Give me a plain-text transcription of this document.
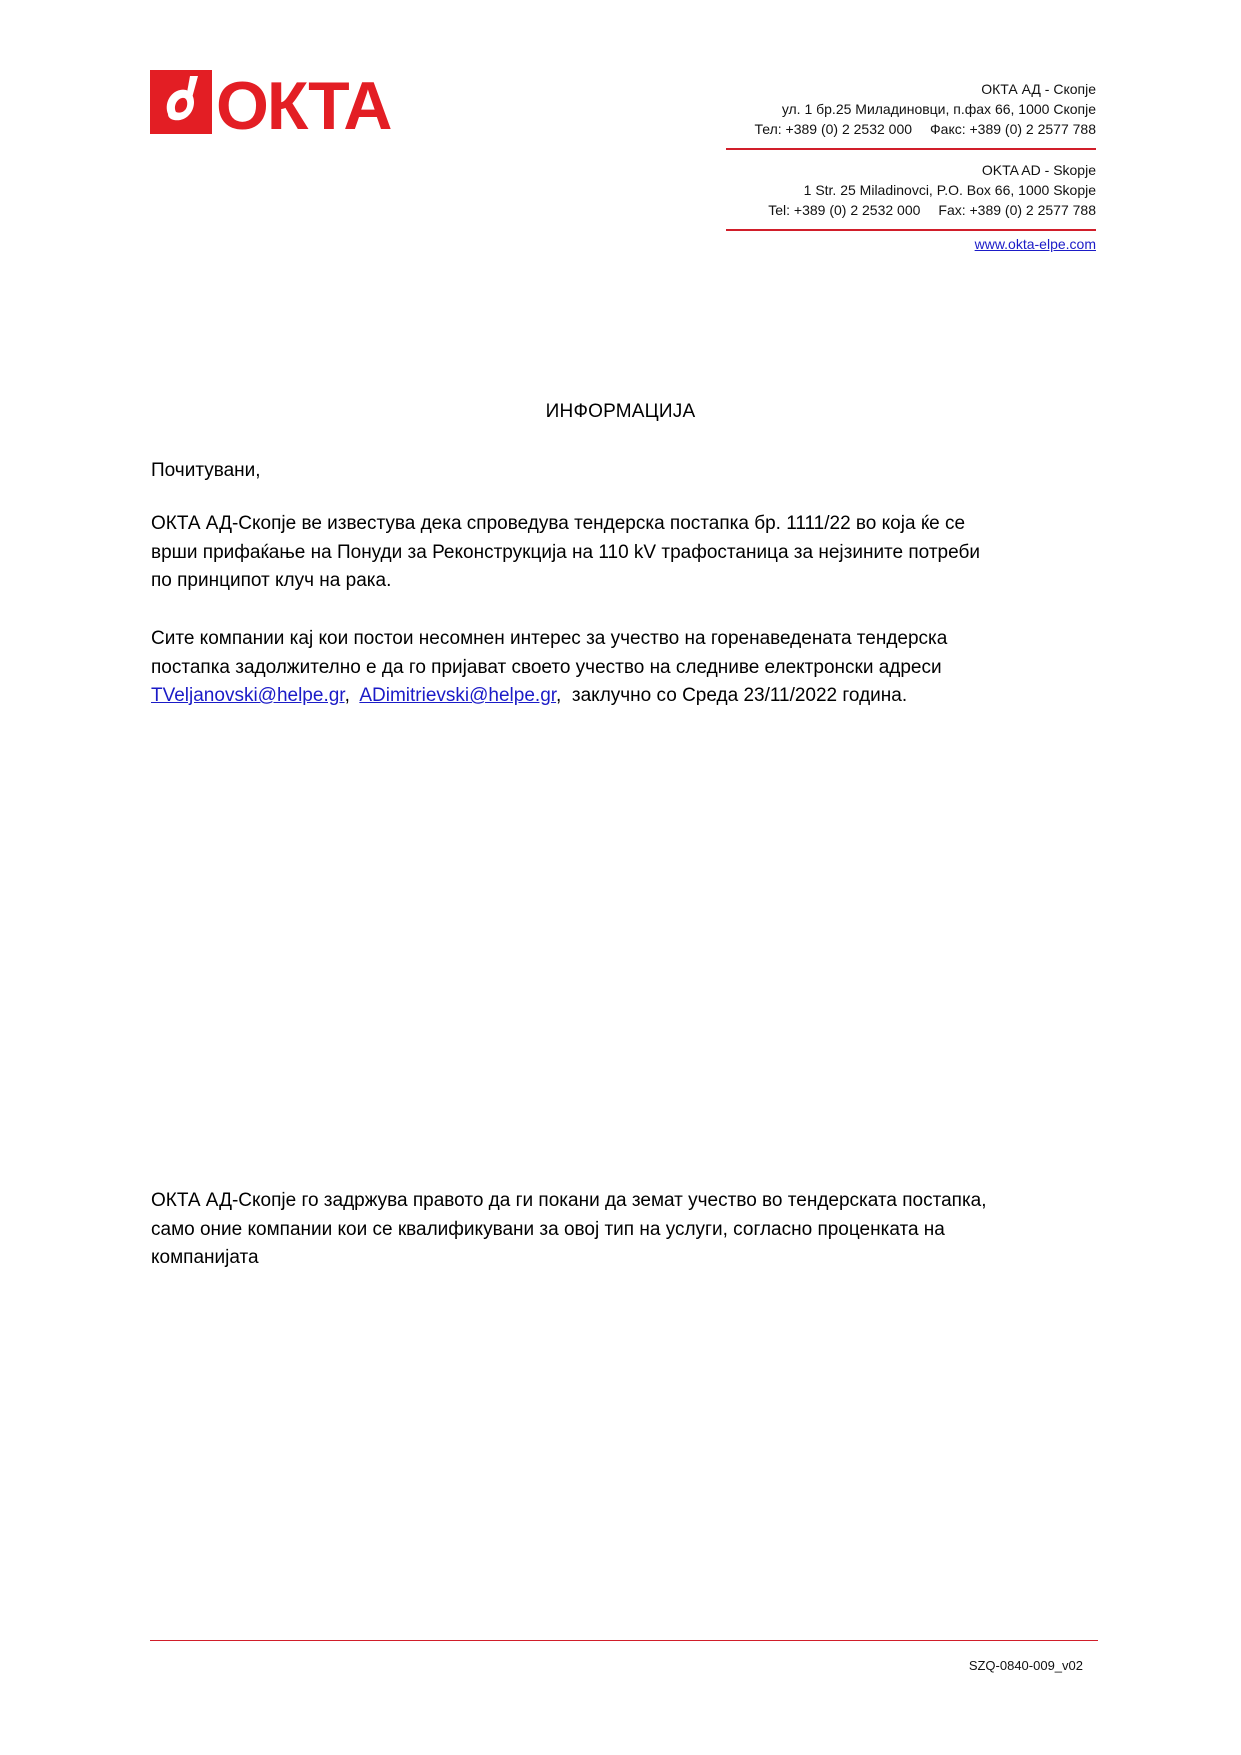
ОКТА	ОКТА АД - Скопје
ул. 1 бр.25 Миладиновци, п.фах 66, 1000 Скопје
Тел: +389 (0) 2 2532 000 Факс: +389 (0) 2 2577 788
OKTA AD - Skopje
1 Str. 25 Miladinovci, P.O. Box 66, 1000 Skopje
Tel: +389 (0) 2 2532 000 Fax: +389 (0) 2 2577 788
www.okta-elpe.com
ИНФОРМАЦИЈА
Почитувани,
ОКТА АД-Скопје ве известува дека спроведува тендерска постапка бр. 1111/22 во која ќе се
врши прифаќање на Понуди за Реконструкција на 110 kV трафостаница за нејзините потреби
по принципот клуч на рака.
Сите компании кај кои постои несомнен интерес за учество на горенаведената тендерска
постапка задолжително е да го пријават своето учество на следниве електронски адреси
TVeljanovski@helpe.gr,  ADimitrievski@helpe.gr,  заклучно со Среда 23/11/2022 година.
ОКТА АД-Скопје го задржува правото да ги покани да земат учество во тендерската постапка,
само оние компании кои се квалификувани за овој тип на услуги, согласно проценката на
компанијата
SZQ-0840-009_v02
